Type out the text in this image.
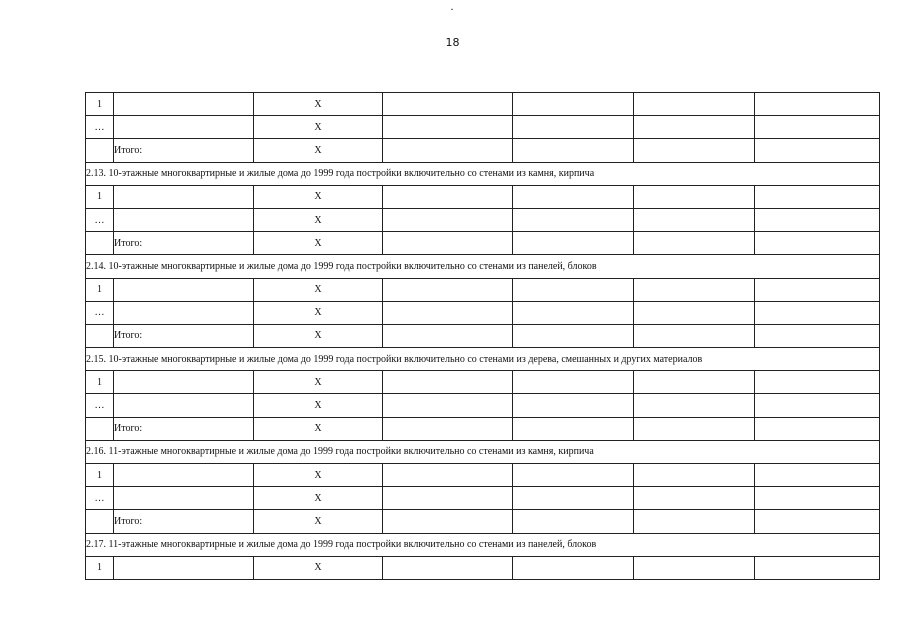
·
18
1		X				
…		X				
	Итого:	X				
2.13. 10-этажные многоквартирные и жилые дома до 1999 года постройки включительно со стенами из камня, кирпича						
1		X				
…		X				
	Итого:	X				
2.14. 10-этажные многоквартирные и жилые дома до 1999 года постройки включительно со стенами из панелей, блоков						
1		X				
…		X				
	Итого:	X				
2.15. 10-этажные многоквартирные и жилые дома до 1999 года постройки включительно со стенами из дерева, смешанных и других материалов						
1		X				
…		X				
	Итого:	X				
2.16. 11-этажные многоквартирные и жилые дома до 1999 года постройки включительно со стенами из камня, кирпича						
1		X				
…		X				
	Итого:	X				
2.17. 11-этажные многоквартирные и жилые дома до 1999 года постройки включительно со стенами из панелей, блоков						
1		X				
